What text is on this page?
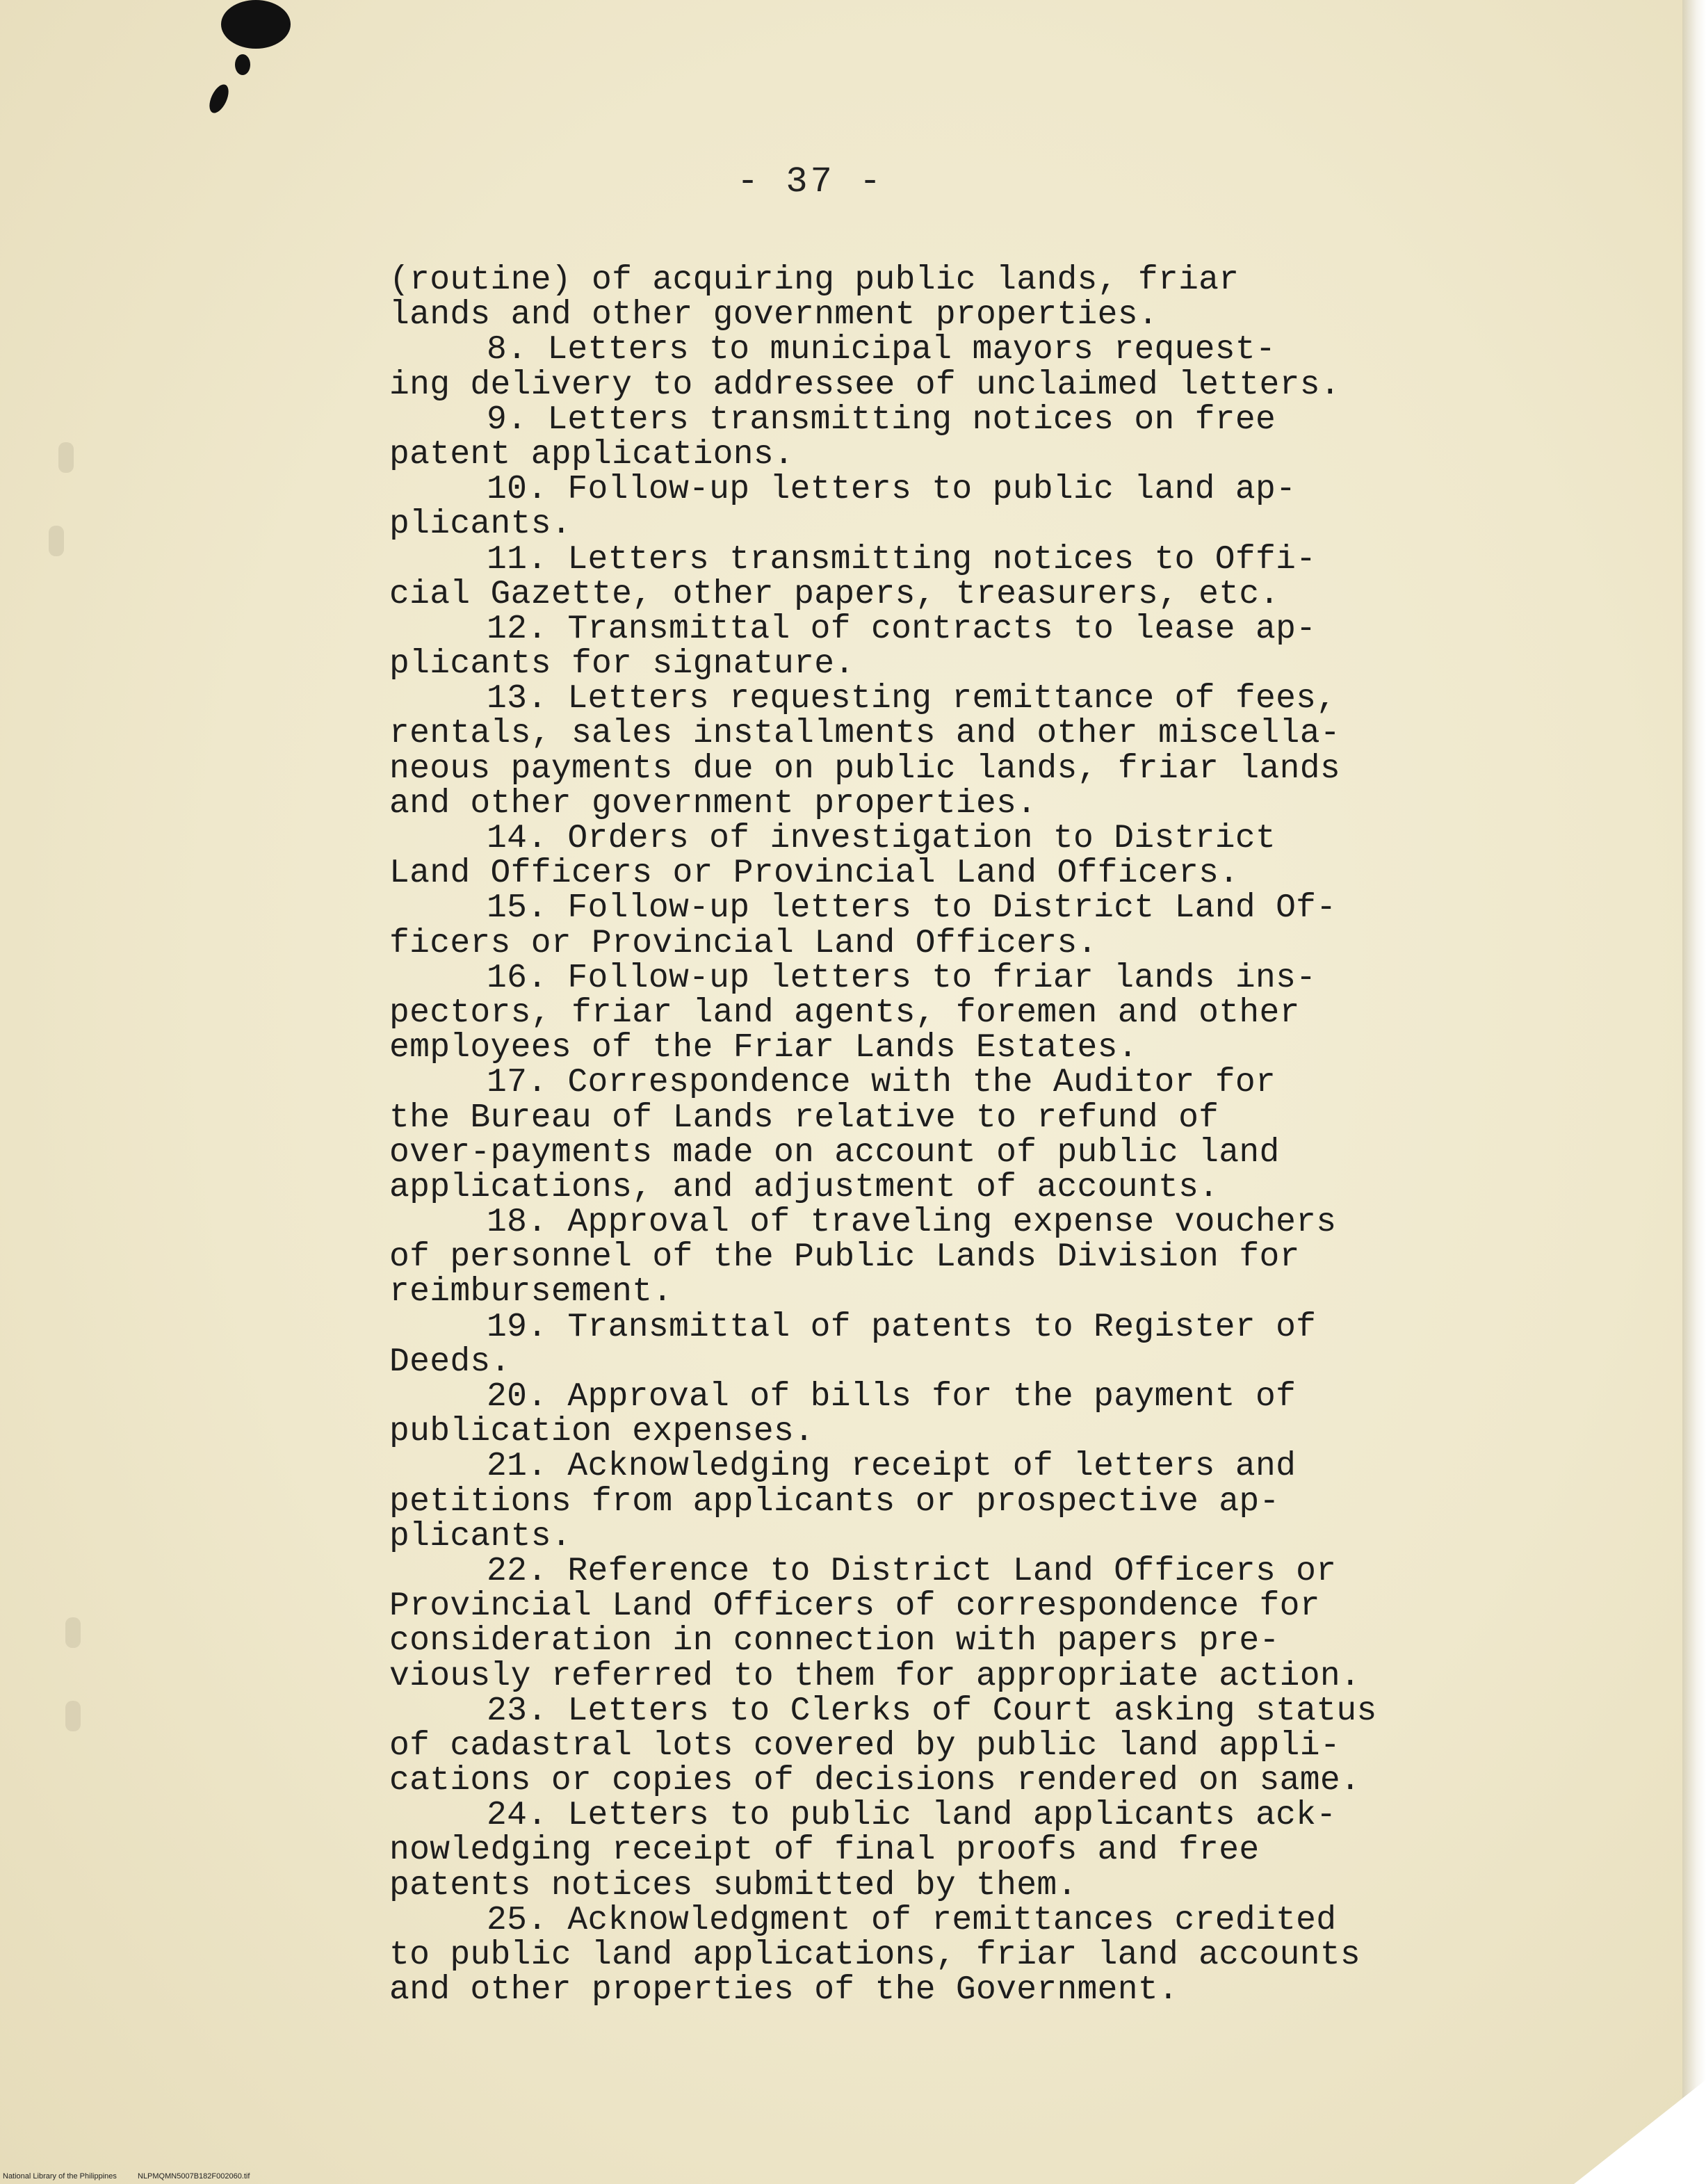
- 37 -
(routine) of acquiring public lands, friar
lands and other government properties.
8. Letters to municipal mayors request-
ing delivery to addressee of unclaimed letters.
9. Letters transmitting notices on free
patent applications.
10. Follow-up letters to public land ap-
plicants.
11. Letters transmitting notices to Offi-
cial Gazette, other papers, treasurers, etc.
12. Transmittal of contracts to lease ap-
plicants for signature.
13. Letters requesting remittance of fees,
rentals, sales installments and other miscella-
neous payments due on public lands, friar lands
and other government properties.
14. Orders of investigation to District
Land Officers or Provincial Land Officers.
15. Follow-up letters to District Land Of-
ficers or Provincial Land Officers.
16. Follow-up letters to friar lands ins-
pectors, friar land agents, foremen and other
employees of the Friar Lands Estates.
17. Correspondence with the Auditor for
the Bureau of Lands relative to refund of
over-payments made on account of public land
applications, and adjustment of accounts.
18. Approval of traveling expense vouchers
of personnel of the Public Lands Division for
reimbursement.
19. Transmittal of patents to Register of
Deeds.
20. Approval of bills for the payment of
publication expenses.
21. Acknowledging receipt of letters and
petitions from applicants or prospective ap-
plicants.
22. Reference to District Land Officers or
Provincial Land Officers of correspondence for
consideration in connection with papers pre-
viously referred to them for appropriate action.
23. Letters to Clerks of Court asking status
of cadastral lots covered by public land appli-
cations or copies of decisions rendered on same.
24. Letters to public land applicants ack-
nowledging receipt of final proofs and free
patents notices submitted by them.
25. Acknowledgment of remittances credited
to public land applications, friar land accounts
and other properties of the Government.
National Library of the Philippines	NLPMQMN5007B182F002060.tif
